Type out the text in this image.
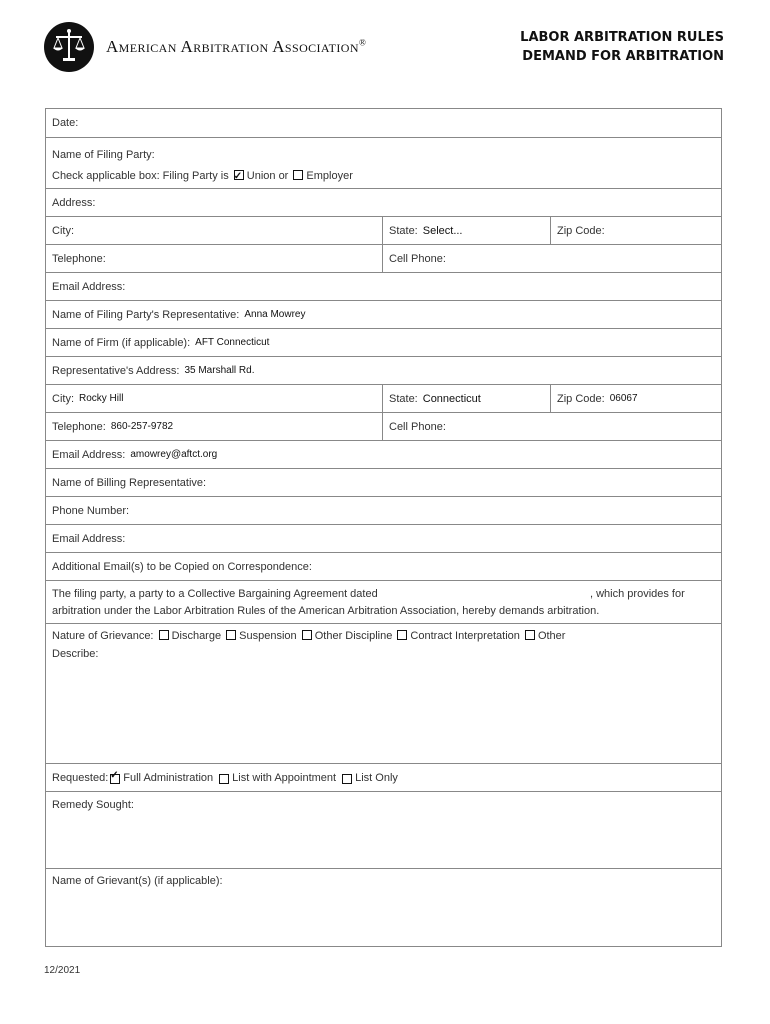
American Arbitration Association®	LABOR ARBITRATION RULES
DEMAND FOR ARBITRATION
Date:
Name of Filing Party:
Check applicable box: Filing Party is ✓ Union or Employer
Address:
City:	State: Select...	Zip Code:
Telephone:	Cell Phone:
Email Address:
Name of Filing Party's Representative: Anna Mowrey
Name of Firm (if applicable): AFT Connecticut
Representative's Address: 35 Marshall Rd.
City: Rocky Hill	State: Connecticut	Zip Code: 06067
Telephone: 860-257-9782	Cell Phone:
Email Address: amowrey@aftct.org
Name of Billing Representative:
Phone Number:
Email Address:
Additional Email(s) to be Copied on Correspondence:
The filing party, a party to a Collective Bargaining Agreement dated	, which provides for
arbitration under the Labor Arbitration Rules of the American Arbitration Association, hereby demands arbitration.
Nature of Grievance: Discharge Suspension Other Discipline Contract Interpretation Other
Describe:
Requested: ✓ Full Administration List with Appointment List Only
Remedy Sought:
Name of Grievant(s) (if applicable):
12/2021
